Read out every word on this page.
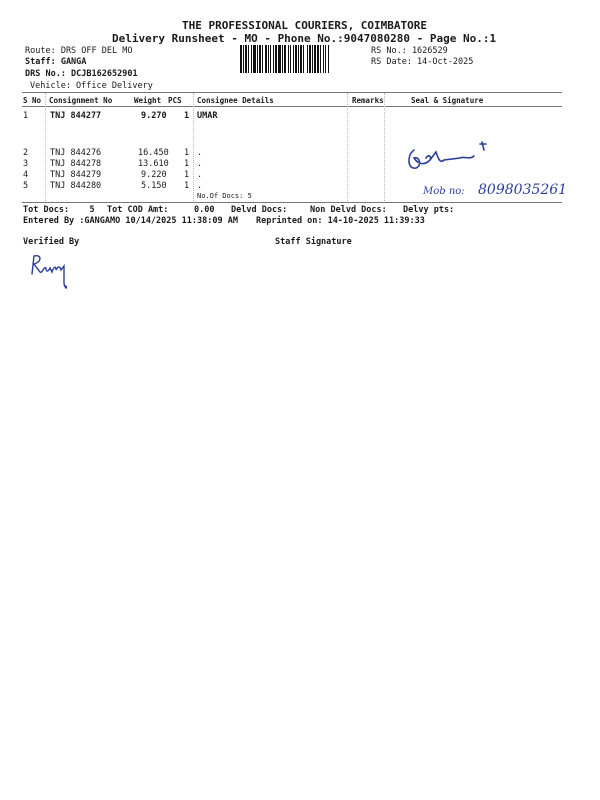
THE PROFESSIONAL COURIERS, COIMBATORE
Delivery Runsheet - MO - Phone No.:9047080280 - Page No.:1
Route: DRS OFF DEL MO
Staff: GANGA
DRS No.: DCJB162652901
Vehicle: Office Delivery
RS No.: 1626529
RS Date: 14-Oct-2025
S No Consignment No	Weight PCS Consignee Details	Remarks	Seal & Signature
1	TNJ 844277	9.270 1 UMAR
2	TNJ 844276	16.450 1 .
3	TNJ 844278	13.610 1 .
4	TNJ 844279	9.220 1 .
5	TNJ 844280	5.150 1 .
No.Of Docs: 5	Mob no: 8098035261
Tot Docs:    5 Tot COD Amt:     0.00 Delvd Docs:	Non Delvd Docs: Delvy pts:
Entered By :GANGAMO 10/14/2025 11:38:09 AM Reprinted on: 14-10-2025 11:39:33
Verified By	Staff Signature
